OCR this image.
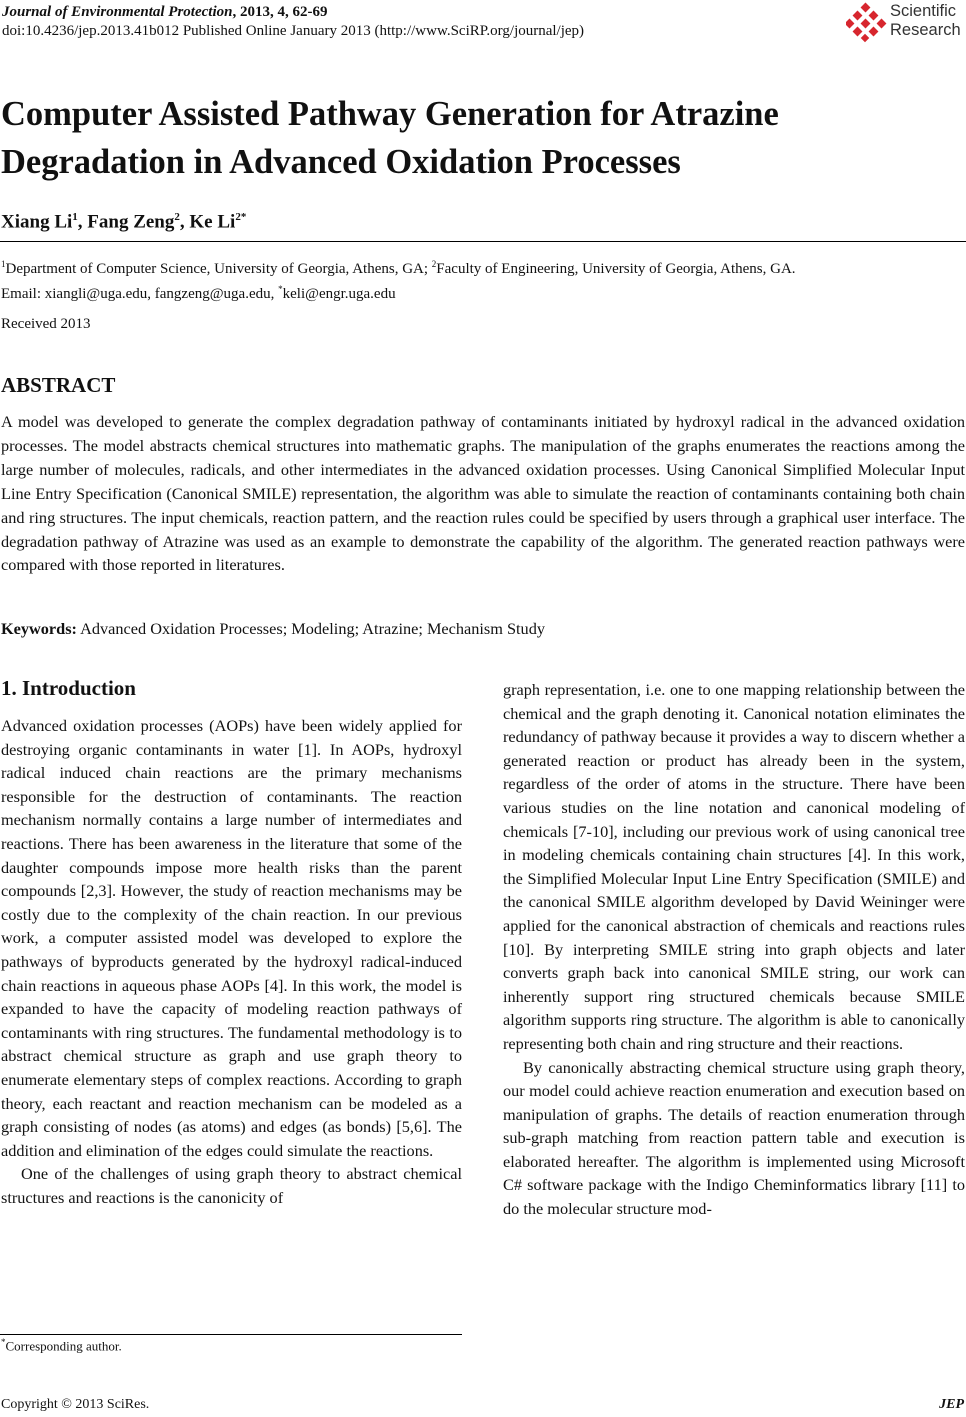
Journal of Environmental Protection, 2013, 4, 62-69
doi:10.4236/jep.2013.41b012 Published Online January 2013 (http://www.SciRP.org/journal/jep)
Scientific
Research
Computer Assisted Pathway Generation for Atrazine
Degradation in Advanced Oxidation Processes
Xiang Li$^1$, Fang Zeng$^2$, Ke $Li^{2*}$
$^1$Department of Computer Science, University of Georgia, Athens, GA; $^2$Faculty of Engineering, University of Georgia, Athens, GA.
Email: xiangli@uga.edu, fangzeng@uga.edu, *keli@engr.uga.edu
Received 2013
ABSTRACT

A model was developed to generate the complex degradation pathway of contaminants initiated by hydroxyl radical in the advanced oxidation processes. The model abstracts chemical structures into mathematic graphs. The manipulation of the graphs enumerates the reactions among the large number of molecules, radicals, and other intermediates in the advanced oxidation processes. Using Canonical Simplified Molecular Input Line Entry Specification (Canonical SMILE) representation, the algorithm was able to simulate the reaction of contaminants containing both chain and ring structures. The input chemicals, reaction pattern, and the reaction rules could be specified by users through a graphical user interface. The degradation pathway of Atrazine was used as an example to demonstrate the capability of the algorithm. The generated reaction pathways were compared with those reported in literatures.

Keywords: Advanced Oxidation Processes; Modeling; Atrazine; Mechanism Study
1. Introduction

Advanced oxidation processes (AOPs) have been widely applied for destroying organic contaminants in water [1]. In AOPs, hydroxyl radical induced chain reactions are the primary mechanisms responsible for the destruction of contaminants. The reaction mechanism normally contains a large number of intermediates and reactions. There has been awareness in the literature that some of the daughter compounds impose more health risks than the parent compounds [2,3]. However, the study of reaction mechanisms may be costly due to the complexity of the chain reaction. In our previous work, a computer assisted model was developed to explore the pathways of byproducts generated by the hydroxyl radical-induced chain reactions in aqueous phase AOPs [4]. In this work, the model is expanded to have the capacity of modeling reaction pathways of contaminants with ring structures. The fundamental methodology is to abstract chemical structure as graph and use graph theory to enumerate elementary steps of complex reactions. According to graph theory, each reactant and reaction mechanism can be modeled as a graph consisting of nodes (as atoms) and edges (as bonds) [5,6]. The addition and elimination of the edges could simulate the reactions.

One of the challenges of using graph theory to abstract chemical structures and reactions is the canonicity of

graph representation, i.e. one to one mapping relationship between the chemical and the graph denoting it. Canonical notation eliminates the redundancy of pathway because it provides a way to discern whether a generated reaction or product has already been in the system, regardless of the order of atoms in the structure. There have been various studies on the line notation and canonical modeling of chemicals [7-10], including our previous work of using canonical tree in modeling chemicals containing chain structures [4]. In this work, the Simplified Molecular Input Line Entry Specification (SMILE) and the canonical SMILE algorithm developed by David Weininger were applied for the canonical abstraction of chemicals and reactions rules [10]. By interpreting SMILE string into graph objects and later converts graph back into canonical SMILE string, our work can inherently support ring structured chemicals because SMILE algorithm supports ring structure. The algorithm is able to canonically representing both chain and ring structure and their reactions.

By canonically abstracting chemical structure using graph theory, our model could achieve reaction enumeration and execution based on manipulation of graphs. The details of reaction enumeration through sub-graph matching from reaction pattern table and execution is elaborated hereafter. The algorithm is implemented using Microsoft C# software package with the Indigo Cheminformatics library [11] to do the molecular structure mod-

*Corresponding author.
Copyright © 2013 SciRes.	JEP
